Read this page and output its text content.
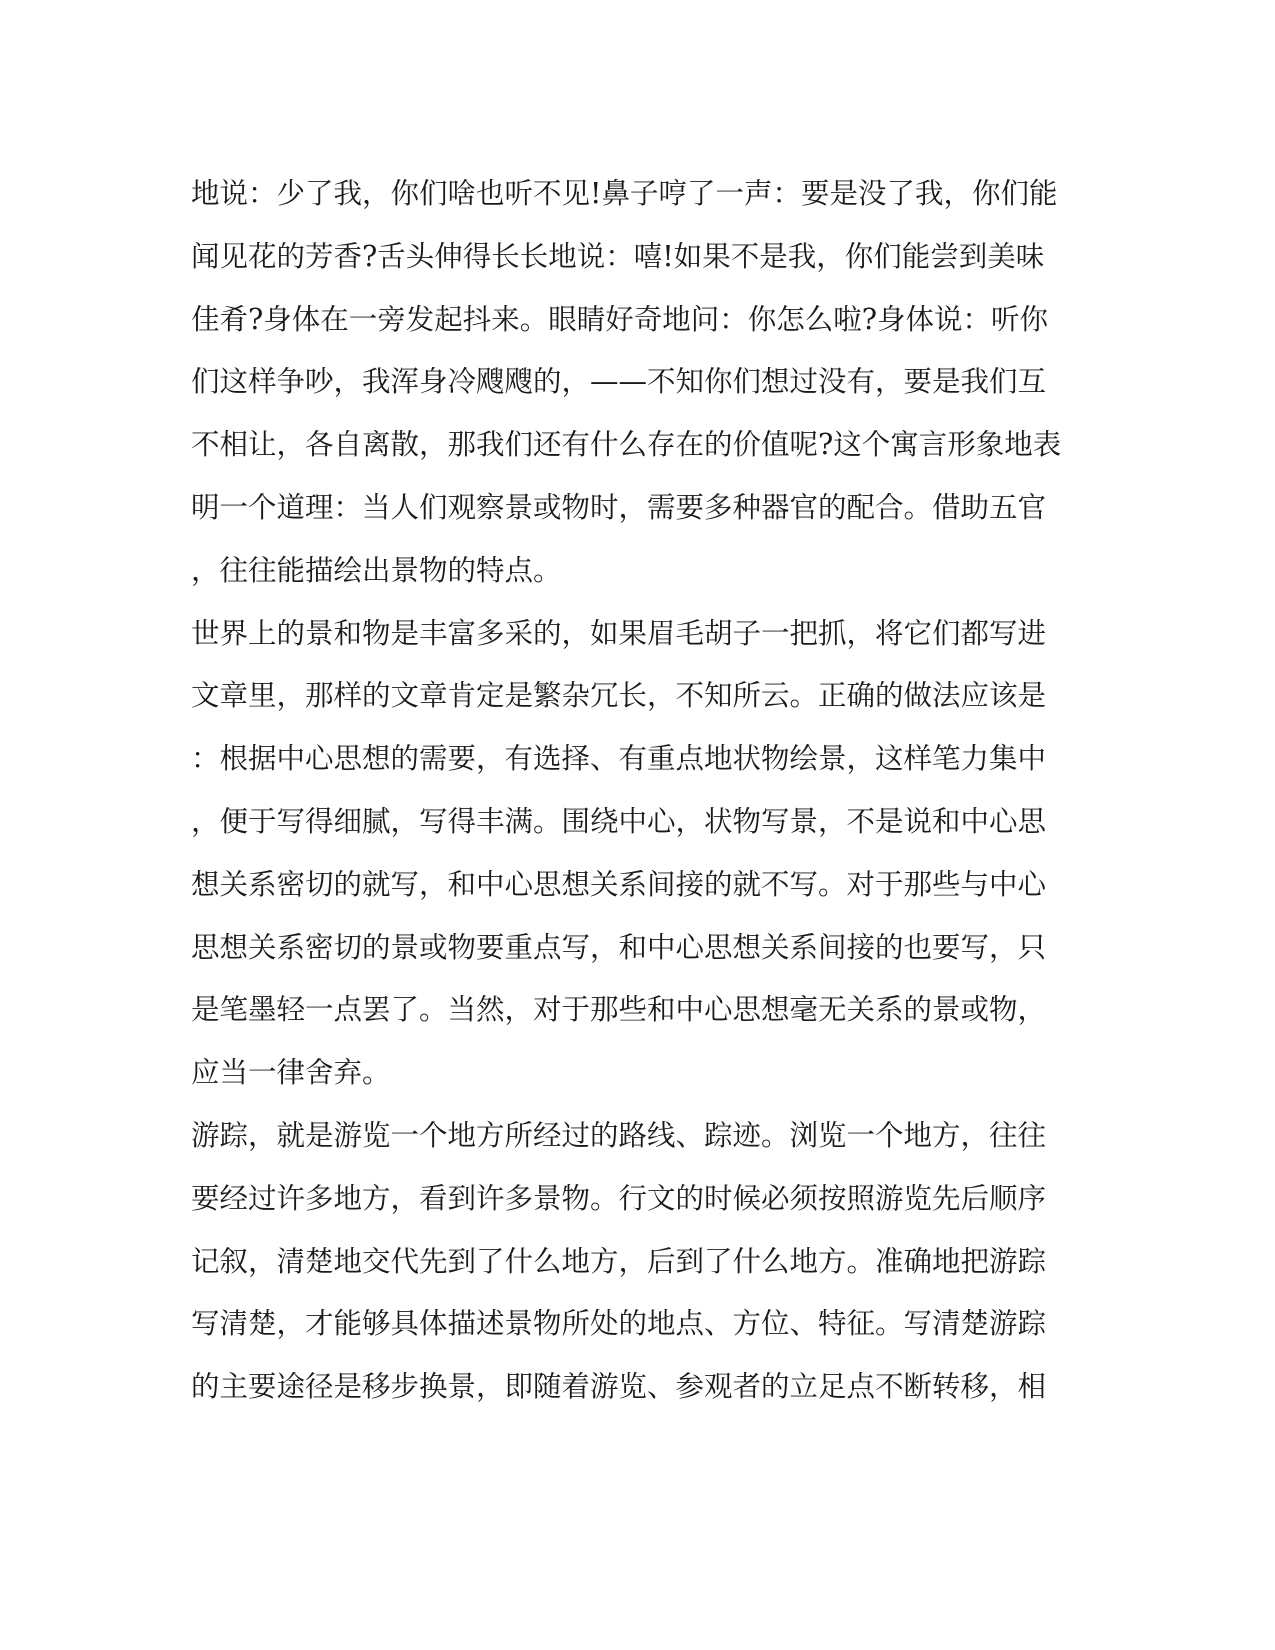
地说：少了我，你们啥也听不见!鼻子哼了一声：要是没了我，你们能
闻见花的芳香?舌头伸得长长地说：嘻!如果不是我，你们能尝到美味
佳肴?身体在一旁发起抖来。眼睛好奇地问：你怎么啦?身体说：听你
们这样争吵，我浑身冷飕飕的，——不知你们想过没有，要是我们互
不相让，各自离散，那我们还有什么存在的价值呢?这个寓言形象地表
明一个道理：当人们观察景或物时，需要多种器官的配合。借助五官
，往往能描绘出景物的特点。
世界上的景和物是丰富多采的，如果眉毛胡子一把抓，将它们都写进
文章里，那样的文章肯定是繁杂冗长，不知所云。正确的做法应该是
：根据中心思想的需要，有选择、有重点地状物绘景，这样笔力集中
，便于写得细腻，写得丰满。围绕中心，状物写景，不是说和中心思
想关系密切的就写，和中心思想关系间接的就不写。对于那些与中心
思想关系密切的景或物要重点写，和中心思想关系间接的也要写，只
是笔墨轻一点罢了。当然，对于那些和中心思想毫无关系的景或物，
应当一律舍弃。
游踪，就是游览一个地方所经过的路线、踪迹。浏览一个地方，往往
要经过许多地方，看到许多景物。行文的时候必须按照游览先后顺序
记叙，清楚地交代先到了什么地方，后到了什么地方。准确地把游踪
写清楚，才能够具体描述景物所处的地点、方位、特征。写清楚游踪
的主要途径是移步换景，即随着游览、参观者的立足点不断转移，相
